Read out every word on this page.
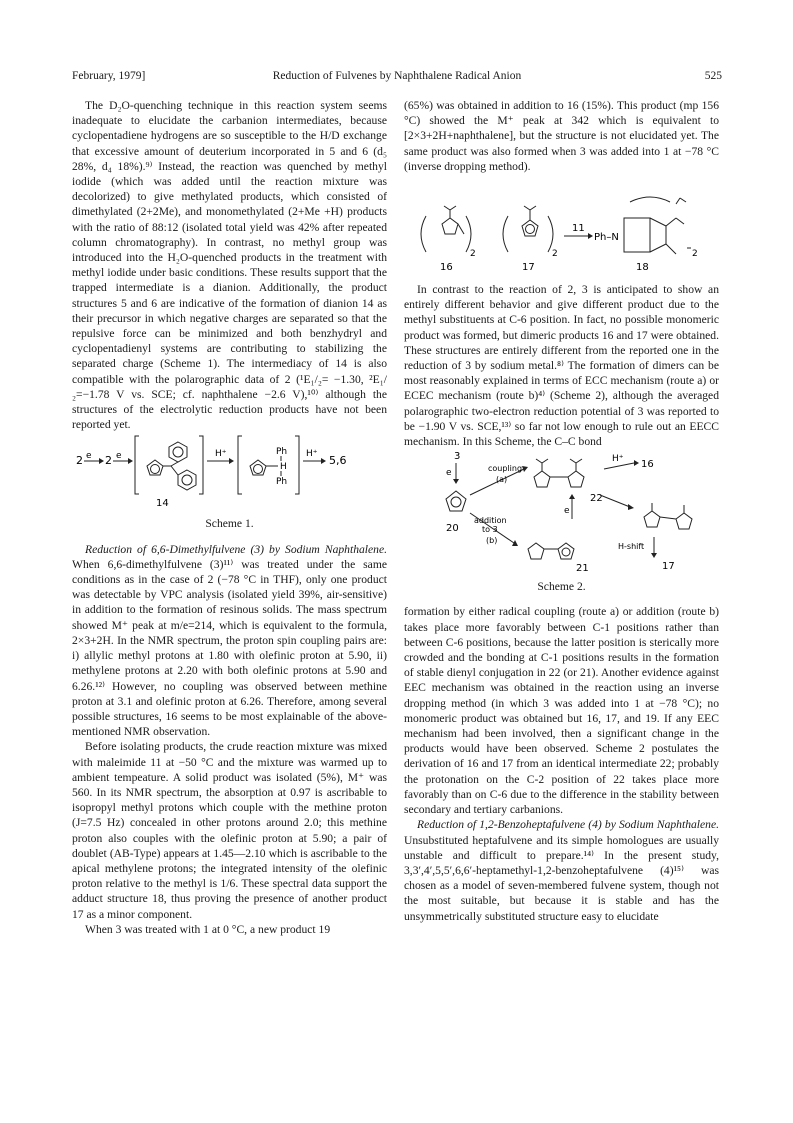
February, 1979]	Reduction of Fulvenes by Naphthalene Radical Anion	525

The D₂O-quenching technique in this reaction system seems inadequate to elucidate the carbanion intermediates, because cyclopentadiene hydrogens are so susceptible to the H/D exchange that excessive amount of deuterium incorporated in 5 and 6 (d₅ 28%, d₄ 18%).⁹⁾ Instead, the reaction was quenched by methyl iodide (which was added until the reaction mixture was decolorized) to give methylated products, which consisted of dimethylated (2+2Me), and monomethylated (2+Me +H) products with the ratio of 88:12 (isolated total yield was 42% after repeated column chromatography). In contrast, no methyl group was introduced into the H₂O-quenched products in the treatment with methyl iodide under basic conditions. These results support that the trapped intermediate is a dianion. Additionally, the product structures 5 and 6 are indicative of the formation of dianion 14 as their precursor in which negative charges are separated so that the repulsive force can be minimized and both benzhydryl and cyclopentadienyl systems are contributing to stabilizing the separated charge (Scheme 1). The intermediacy of 14 is also compatible with the polarographic data of 2 (¹E₁/₂= −1.30, ²E₁/₂=−1.78 V vs. SCE; cf. naphthalene −2.6 V),¹⁰⁾ although the structures of the electrolytic reduction products have not been reported yet.

2 e 2 e
14
H⁺	Ph
H
Ph
H⁺ 5,6
Scheme 1.

Reduction of 6,6-Dimethylfulvene (3) by Sodium Naphthalene. When 6,6-dimethylfulvene (3)¹¹⁾ was treated under the same conditions as in the case of 2 (−78 °C in THF), only one product was detectable by VPC analysis (isolated yield 39%, air-sensitive) in addition to the formation of resinous solids. The mass spectrum showed M⁺ peak at m/e=214, which is equivalent to the formula, 2×3+2H. In the NMR spectrum, the proton spin coupling pairs are: i) allylic methyl protons at 1.80 with olefinic proton at 5.90, ii) methylene protons at 2.20 with both olefinic protons at 5.90 and 6.26.¹²⁾ However, no coupling was observed between methine proton at 3.1 and olefinic proton at 6.26. Therefore, among several possible structures, 16 seems to be most explainable of the above-mentioned NMR observation.

Before isolating products, the crude reaction mixture was mixed with maleimide 11 at −50 °C and the mixture was warmed up to ambient tempeature. A solid product was isolated (5%), M⁺ was 560. In its NMR spectrum, the absorption at 0.97 is ascribable to isopropyl methyl protons which couple with the methine proton (J=7.5 Hz) concealed in other protons around 2.0; this methine proton also couples with the olefinic proton at 5.90; a pair of doublet (AB-Type) appears at 1.45—2.10 which is ascribable to the apical methylene protons; the integrated intensity of the olefinic proton relative to the methyl is 1/6. These spectral data support the adduct structure 18, thus proving the presence of another product 17 as a minor component.

When 3 was treated with 1 at 0 °C, a new product 19

(65%) was obtained in addition to 16 (15%). This product (mp 156 °C) showed the M⁺ peak at 342 which is equivalent to [2×3+2H+naphthalene], but the structure is not elucidated yet. The same product was also formed when 3 was added into 1 at −78 °C (inverse dropping method).

2	2	2
11
Ph–N
16	17	18

In contrast to the reaction of 2, 3 is anticipated to show an entirely different behavior and give different product due to the methyl substituents at C-6 position. In fact, no possible monomeric product was formed, but dimeric products 16 and 17 were obtained. These structures are entirely different from the reported one in the reduction of 3 by sodium metal.⁸⁾ The formation of dimers can be most reasonably explained in terms of ECC mechanism (route a) or ECEC mechanism (route b)⁴⁾ (Scheme 2), although the averaged polarographic two-electron reduction potential of 3 was reported to be −1.90 V vs. SCE,¹³⁾ so far not low enough to rule out an EECC mechanism. In this Scheme, the C–C bond

3
e	coupling
(a)
H⁺ 16
22
e
addition
to 3
(b)
20
21
H-shift
17
Scheme 2.

formation by either radical coupling (route a) or addition (route b) takes place more favorably between C-1 positions rather than between C-6 positions, because the latter position is sterically more crowded and the bonding at C-1 positions results in the formation of stable dienyl conjugation in 22 (or 21). Another evidence against EEC mechanism was obtained in the reaction using an inverse dropping method (in which 3 was added into 1 at −78 °C); no monomeric product was obtained but 16, 17, and 19. If any EEC mechanism had been involved, then a significant change in the products would have been observed. Scheme 2 postulates the derivation of 16 and 17 from an identical intermediate 22; probably the protonation on the C-2 position of 22 takes place more favorably than on C-6 due to the difference in the stability between secondary and tertiary carbanions.

Reduction of 1,2-Benzoheptafulvene (4) by Sodium Naphthalene. Unsubstituted heptafulvene and its simple homologues are usually unstable and difficult to prepare.¹⁴⁾ In the present study, 3,3′,4′,5,5′,6,6′-heptamethyl-1,2-benzoheptafulvene (4)¹⁵⁾ was chosen as a model of seven-membered fulvene system, though not the most suitable, but because it is stable and has the unsymmetrically substituted structure easy to elucidate
